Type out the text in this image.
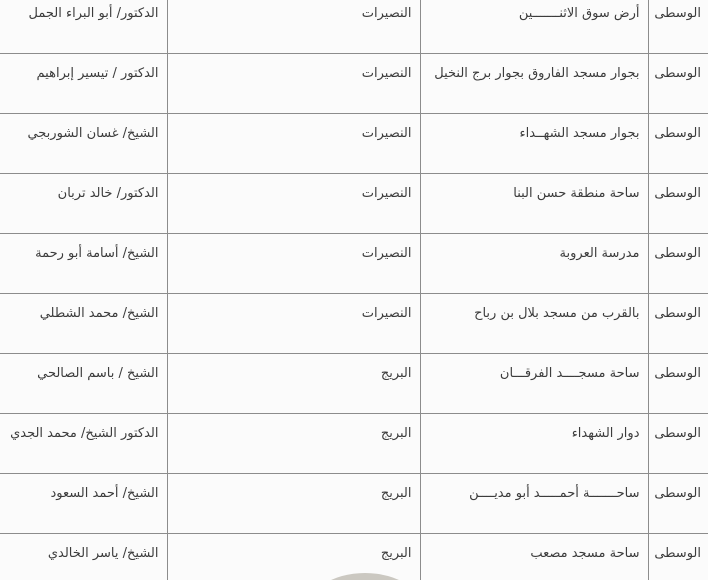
الوسطى	أرض سوق الاثنـــــــين	النصيرات	الدكتور/ أبو البراء الجمل
الوسطى	بجوار مسجد الفاروق بجوار برج النخيل	النصيرات	الدكتور / تيسير إبراهيم
الوسطى	بجوار مسجد الشهــداء	النصيرات	الشيخ/ غسان الشوربجي
الوسطى	ساحة منطقة حسن البنا	النصيرات	الدكتور/ خالد تربان
الوسطى	مدرسة العروبة	النصيرات	الشيخ/ أسامة أبو رحمة
الوسطى	بالقرب من مسجد بلال بن رباح	النصيرات	الشيخ/ محمد الشطلي
الوسطى	ساحة مسجــــد الفرقـــان	البريج	الشيخ / باسم الصالحي
الوسطى	دوار الشهداء	البريج	الدكتور الشيخ/ محمد الجدي
الوسطى	ساحـــــــة أحمـــــد أبو مديــــن	البريج	الشيخ/ أحمد السعود
الوسطى	ساحة مسجد مصعب	البريج	الشيخ/ ياسر الخالدي
